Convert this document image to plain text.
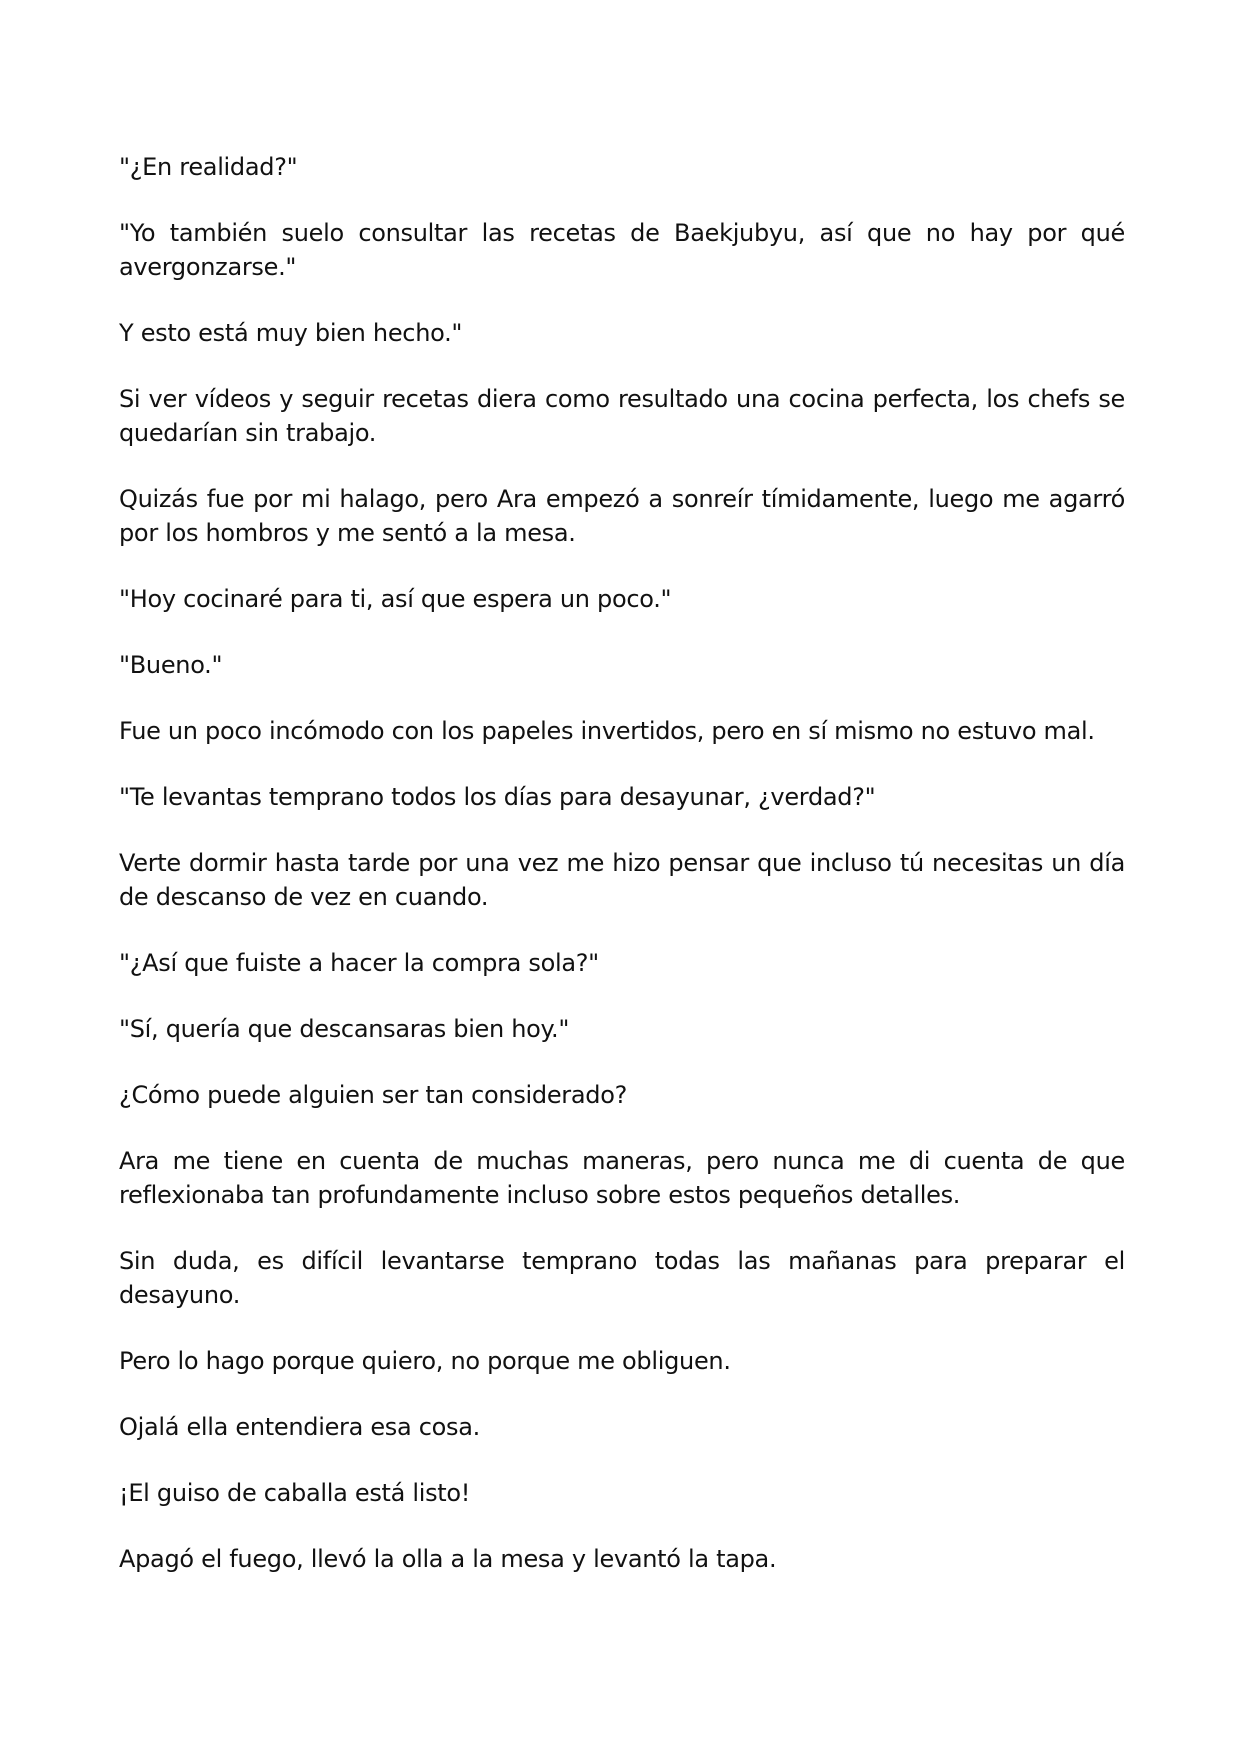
"¿En realidad?"

"Yo también suelo consultar las recetas de Baekjubyu, así que no hay por qué avergonzarse."

Y esto está muy bien hecho."

Si ver vídeos y seguir recetas diera como resultado una cocina perfecta, los chefs se quedarían sin trabajo.

Quizás fue por mi halago, pero Ara empezó a sonreír tímidamente, luego me agarró por los hombros y me sentó a la mesa.

"Hoy cocinaré para ti, así que espera un poco."

"Bueno."

Fue un poco incómodo con los papeles invertidos, pero en sí mismo no estuvo mal.

"Te levantas temprano todos los días para desayunar, ¿verdad?"

Verte dormir hasta tarde por una vez me hizo pensar que incluso tú necesitas un día de descanso de vez en cuando.

"¿Así que fuiste a hacer la compra sola?"

"Sí, quería que descansaras bien hoy."

¿Cómo puede alguien ser tan considerado?

Ara me tiene en cuenta de muchas maneras, pero nunca me di cuenta de que reflexionaba tan profundamente incluso sobre estos pequeños detalles.

Sin duda, es difícil levantarse temprano todas las mañanas para preparar el desayuno.

Pero lo hago porque quiero, no porque me obliguen.

Ojalá ella entendiera esa cosa.

¡El guiso de caballa está listo!

Apagó el fuego, llevó la olla a la mesa y levantó la tapa.
